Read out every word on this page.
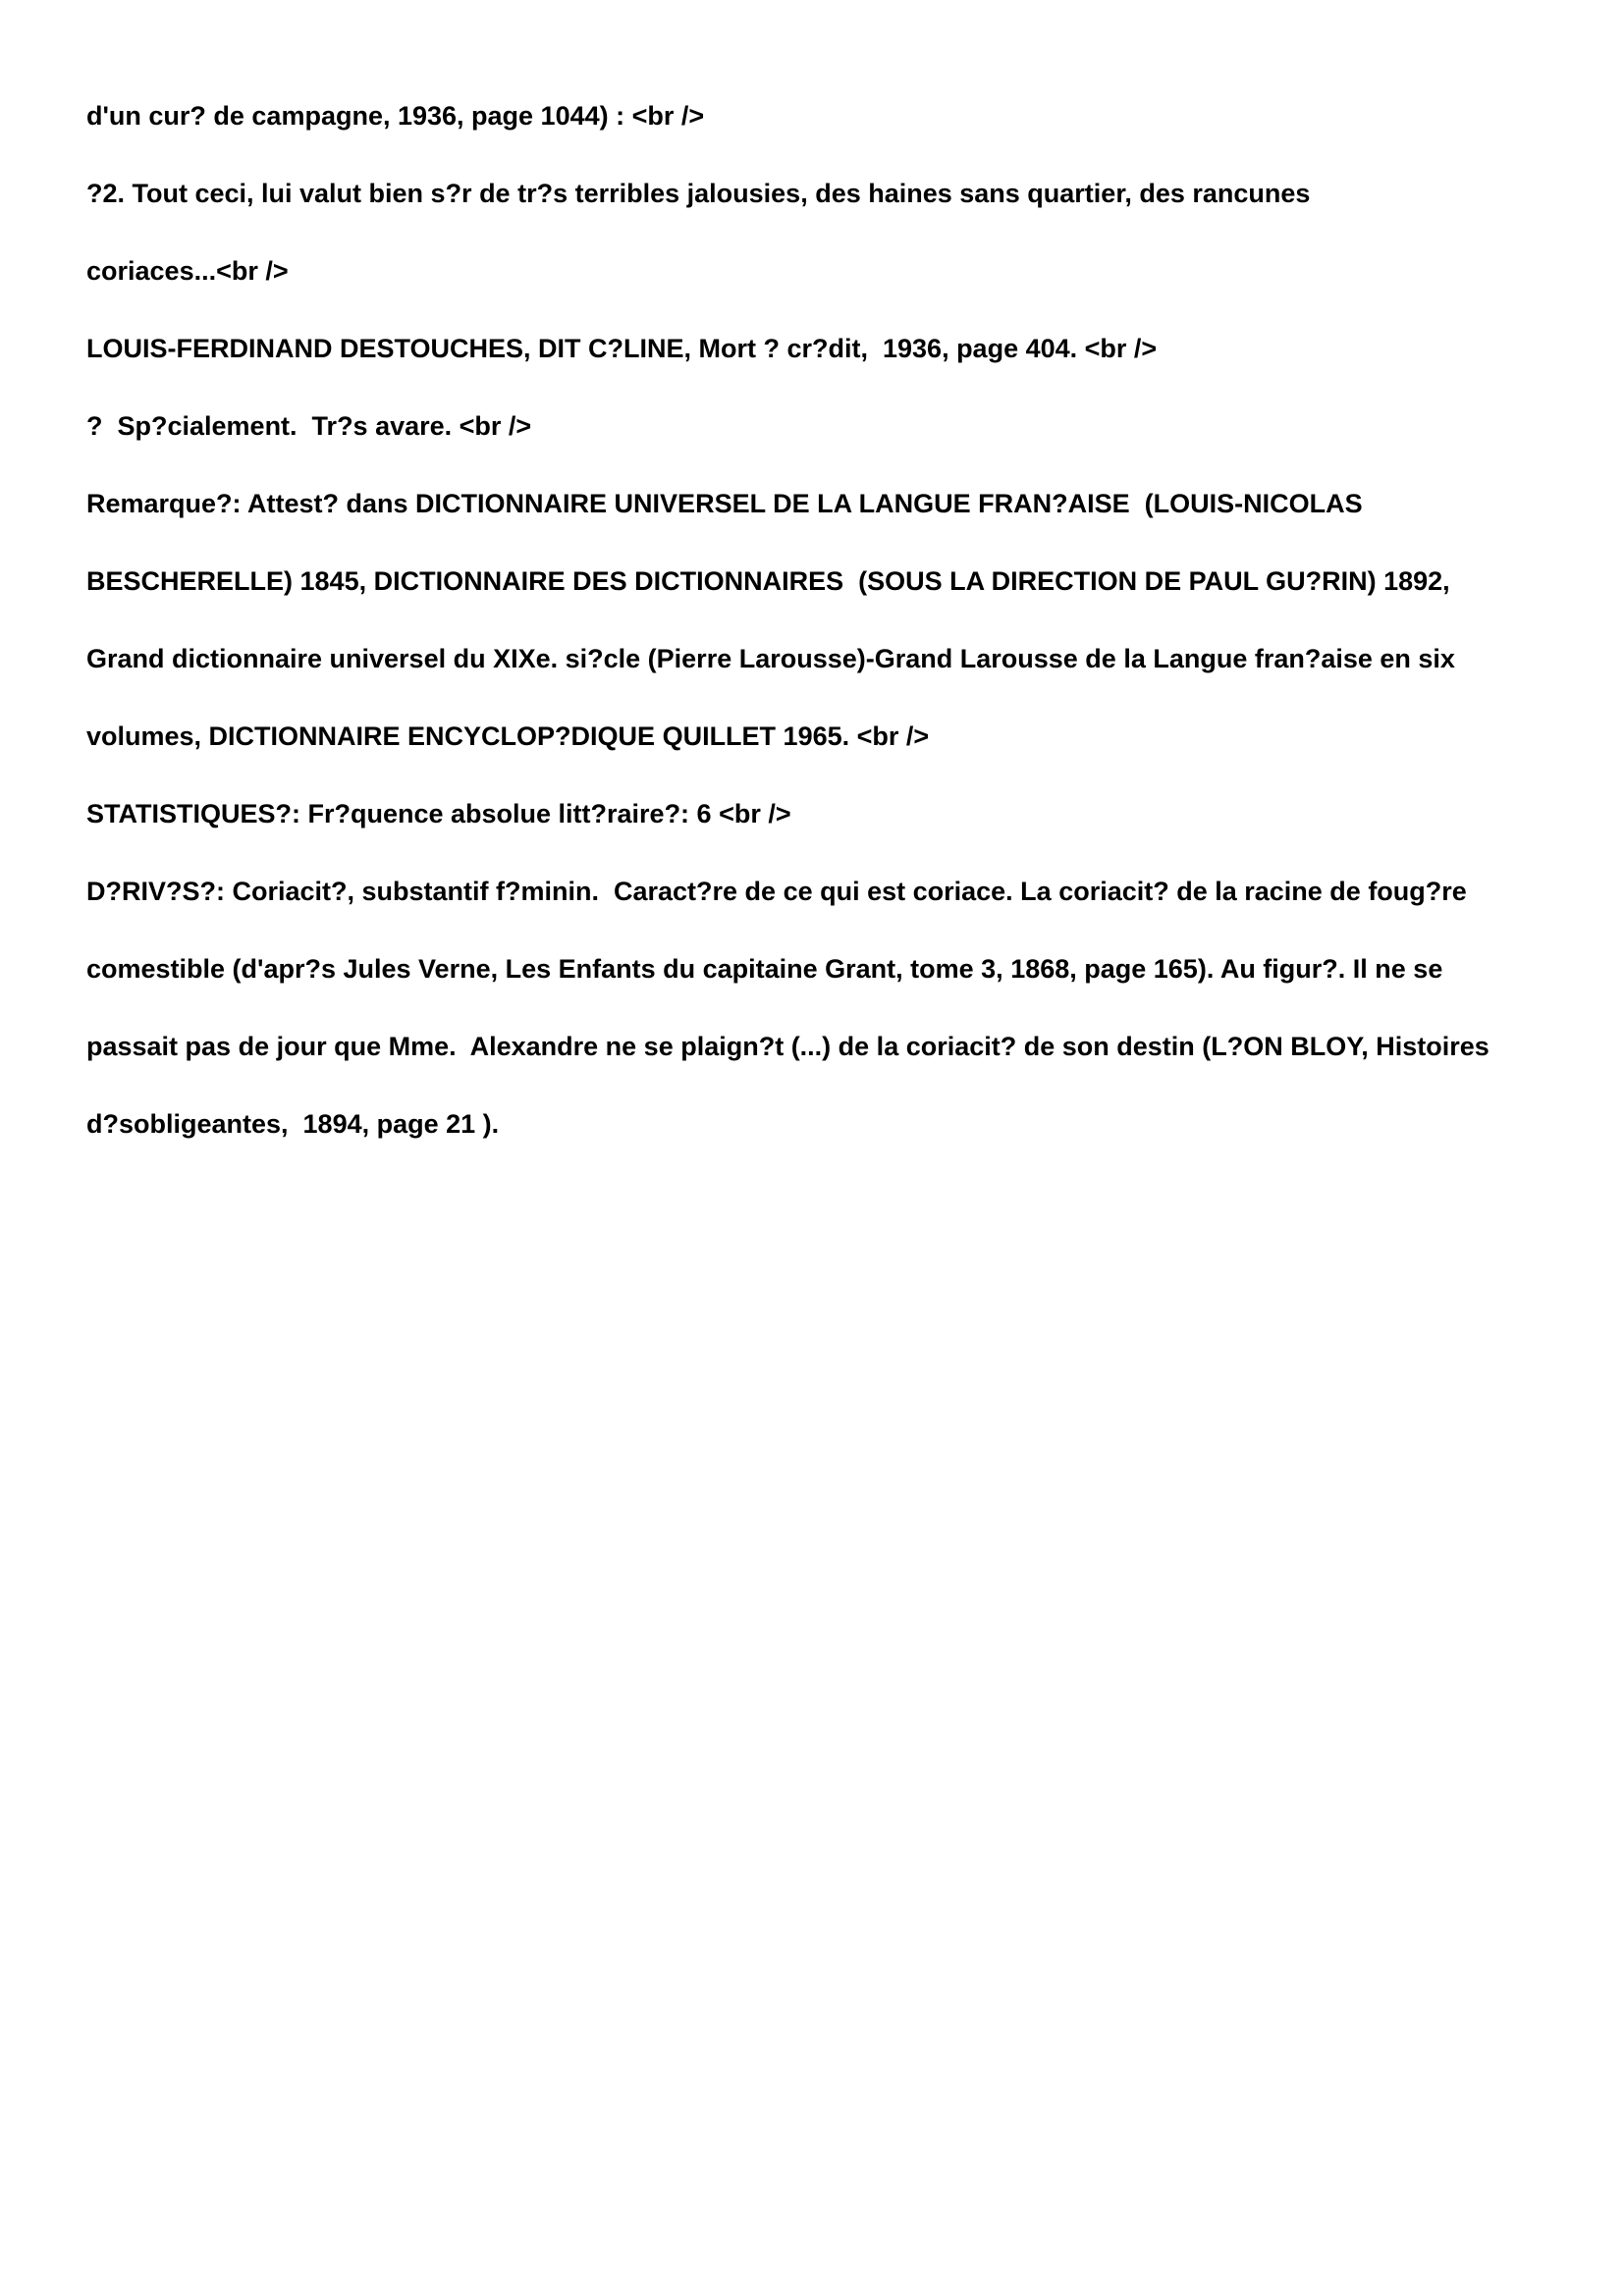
d'un cur? de campagne, 1936, page 1044) : <br />
?2. Tout ceci, lui valut bien s?r de tr?s terribles jalousies, des haines sans quartier, des rancunes
coriaces...<br />
LOUIS-FERDINAND DESTOUCHES, DIT C?LINE, Mort ? cr?dit,  1936, page 404. <br />
?  Sp?cialement.  Tr?s avare. <br />
Remarque?: Attest? dans DICTIONNAIRE UNIVERSEL DE LA LANGUE FRAN?AISE  (LOUIS-NICOLAS
BESCHERELLE) 1845, DICTIONNAIRE DES DICTIONNAIRES  (SOUS LA DIRECTION DE PAUL GU?RIN) 1892,
Grand dictionnaire universel du XIXe. si?cle (Pierre Larousse)-Grand Larousse de la Langue fran?aise en six
volumes, DICTIONNAIRE ENCYCLOP?DIQUE QUILLET 1965. <br />
STATISTIQUES?: Fr?quence absolue litt?raire?: 6 <br />
D?RIV?S?: Coriacit?, substantif f?minin.  Caract?re de ce qui est coriace. La coriacit? de la racine de foug?re
comestible (d'apr?s Jules Verne, Les Enfants du capitaine Grant, tome 3, 1868, page 165). Au figur?. Il ne se
passait pas de jour que Mme.  Alexandre ne se plaign?t (...) de la coriacit? de son destin (L?ON BLOY, Histoires
d?sobligeantes,  1894, page 21 ).
